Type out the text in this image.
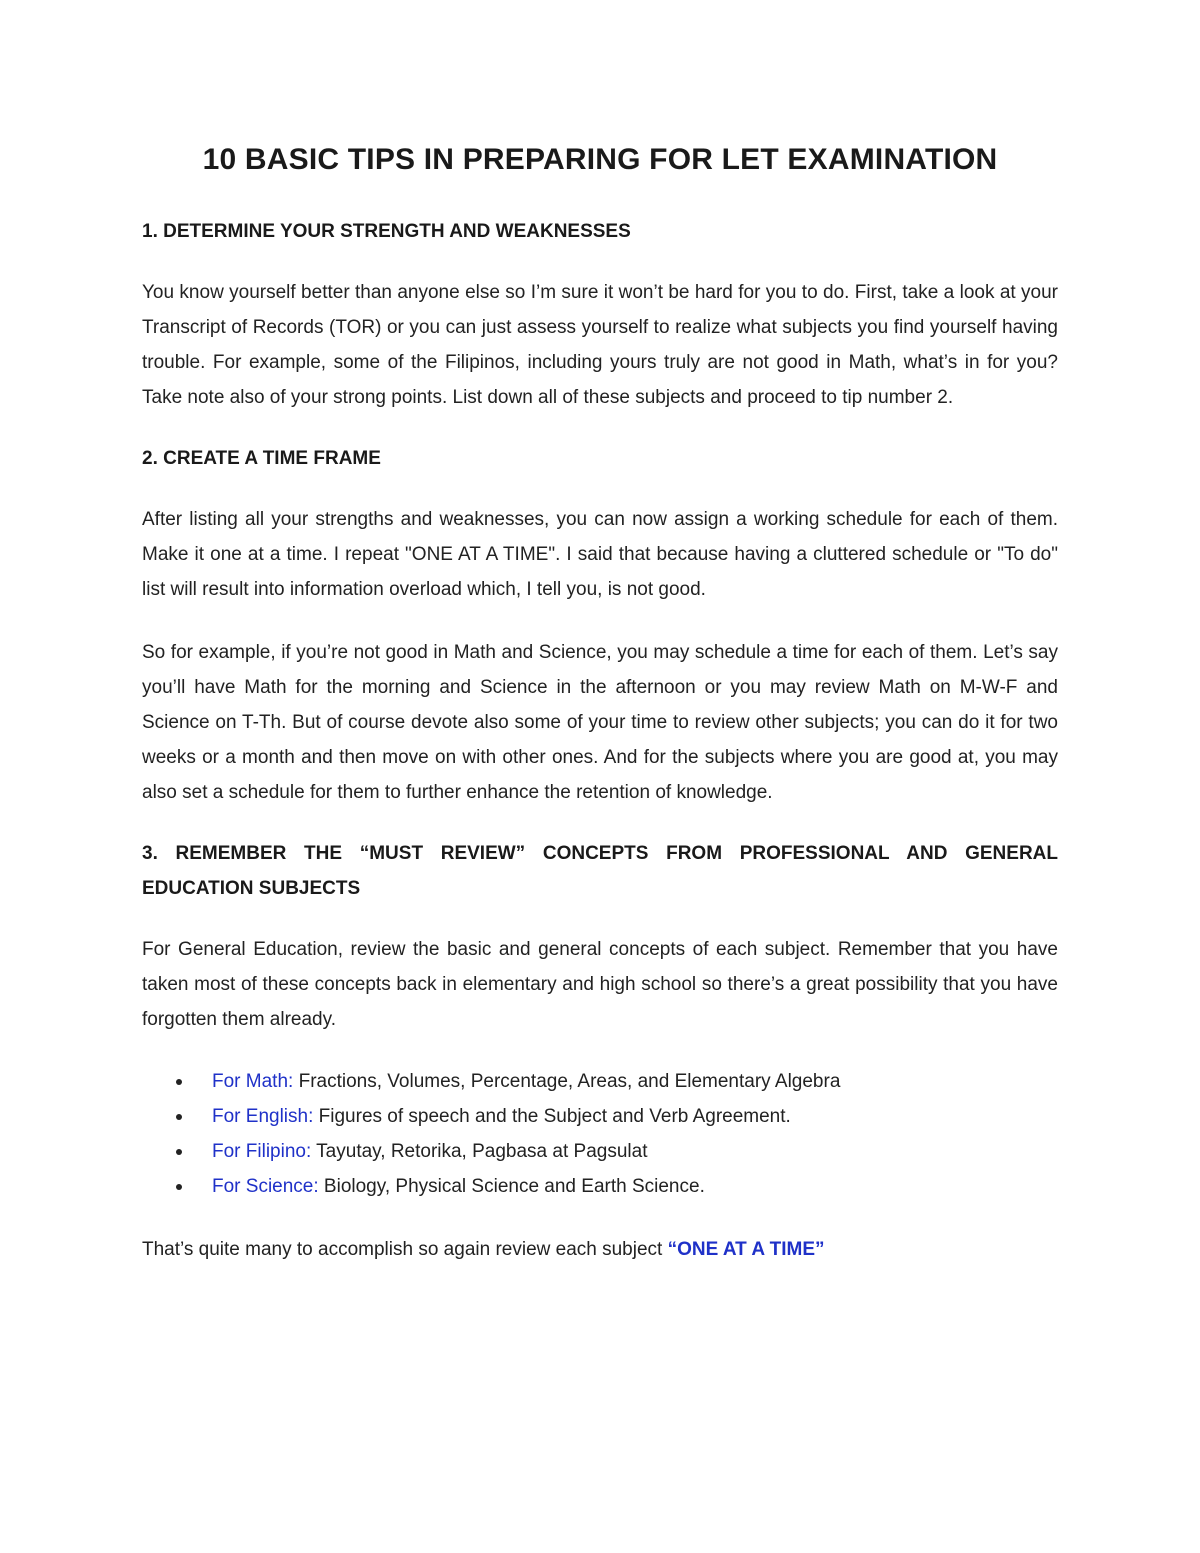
10 BASIC TIPS IN PREPARING FOR LET EXAMINATION
1. DETERMINE YOUR STRENGTH AND WEAKNESSES

You know yourself better than anyone else so I’m sure it won’t be hard for you to do. First, take a look at your Transcript of Records (TOR) or you can just assess yourself to realize what subjects you find yourself having trouble. For example, some of the Filipinos, including yours truly are not good in Math, what’s in for you? Take note also of your strong points. List down all of these subjects and proceed to tip number 2.

2. CREATE A TIME FRAME

After listing all your strengths and weaknesses, you can now assign a working schedule for each of them. Make it one at a time. I repeat "ONE AT A TIME". I said that because having a cluttered schedule or "To do" list will result into information overload which, I tell you, is not good.

So for example, if you’re not good in Math and Science, you may schedule a time for each of them. Let’s say you’ll have Math for the morning and Science in the afternoon or you may review Math on M-W-F and Science on T-Th. But of course devote also some of your time to review other subjects; you can do it for two weeks or a month and then move on with other ones. And for the subjects where you are good at, you may also set a schedule for them to further enhance the retention of knowledge.

3. REMEMBER THE “MUST REVIEW” CONCEPTS FROM PROFESSIONAL AND GENERAL EDUCATION SUBJECTS

For General Education, review the basic and general concepts of each subject. Remember that you have taken most of these concepts back in elementary and high school so there’s a great possibility that you have forgotten them already.

For Math: Fractions, Volumes, Percentage, Areas, and Elementary Algebra
For English: Figures of speech and the Subject and Verb Agreement.
For Filipino: Tayutay, Retorika, Pagbasa at Pagsulat
For Science: Biology, Physical Science and Earth Science.

That’s quite many to accomplish so again review each subject “ONE AT A TIME”
